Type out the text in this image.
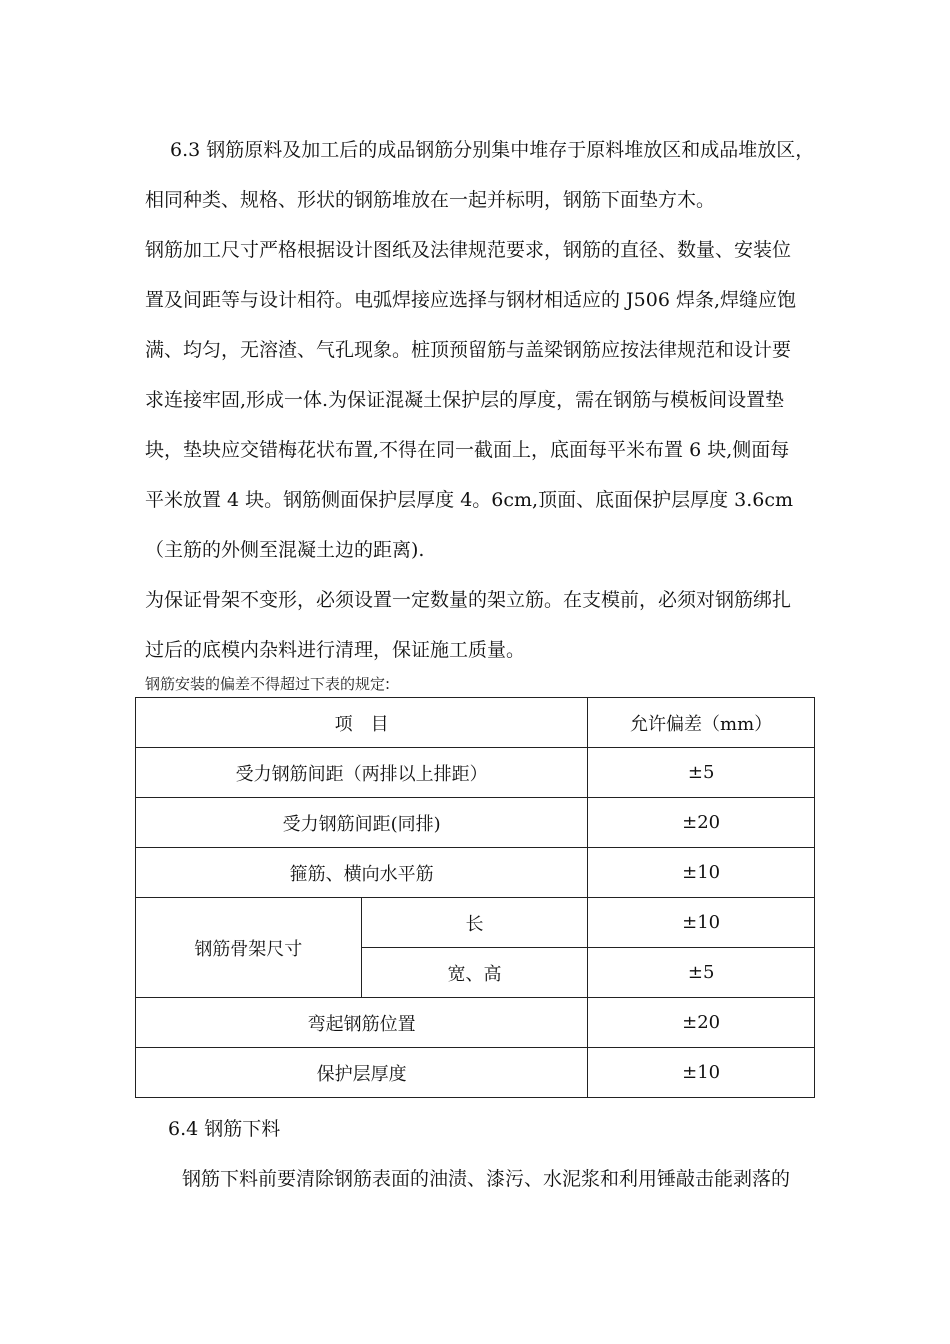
6.3 钢筋原料及加工后的成品钢筋分别集中堆存于原料堆放区和成品堆放区，
相同种类、规格、形状的钢筋堆放在一起并标明，钢筋下面垫方木。
钢筋加工尺寸严格根据设计图纸及法律规范要求，钢筋的直径、数量、安装位
置及间距等与设计相符。电弧焊接应选择与钢材相适应的 J506 焊条,焊缝应饱
满、均匀，无溶渣、气孔现象。桩顶预留筋与盖梁钢筋应按法律规范和设计要
求连接牢固,形成一体.为保证混凝土保护层的厚度，需在钢筋与模板间设置垫
块，垫块应交错梅花状布置,不得在同一截面上，底面每平米布置 6 块,侧面每
平米放置 4 块。钢筋侧面保护层厚度 4。6cm,顶面、底面保护层厚度 3.6cm
（主筋的外侧至混凝土边的距离).
为保证骨架不变形，必须设置一定数量的架立筋。在支模前，必须对钢筋绑扎
过后的底模内杂料进行清理，保证施工质量。
钢筋安装的偏差不得超过下表的规定:
项　目		允许偏差（mm）
受力钢筋间距（两排以上排距）		±5
受力钢筋间距(同排)		±20
箍筋、横向水平筋		±10
钢筋骨架尺寸	长	±10
	宽、高	±5
弯起钢筋位置		±20
保护层厚度		±10
6.4 钢筋下料
钢筋下料前要清除钢筋表面的油渍、漆污、水泥浆和利用锤敲击能剥落的
